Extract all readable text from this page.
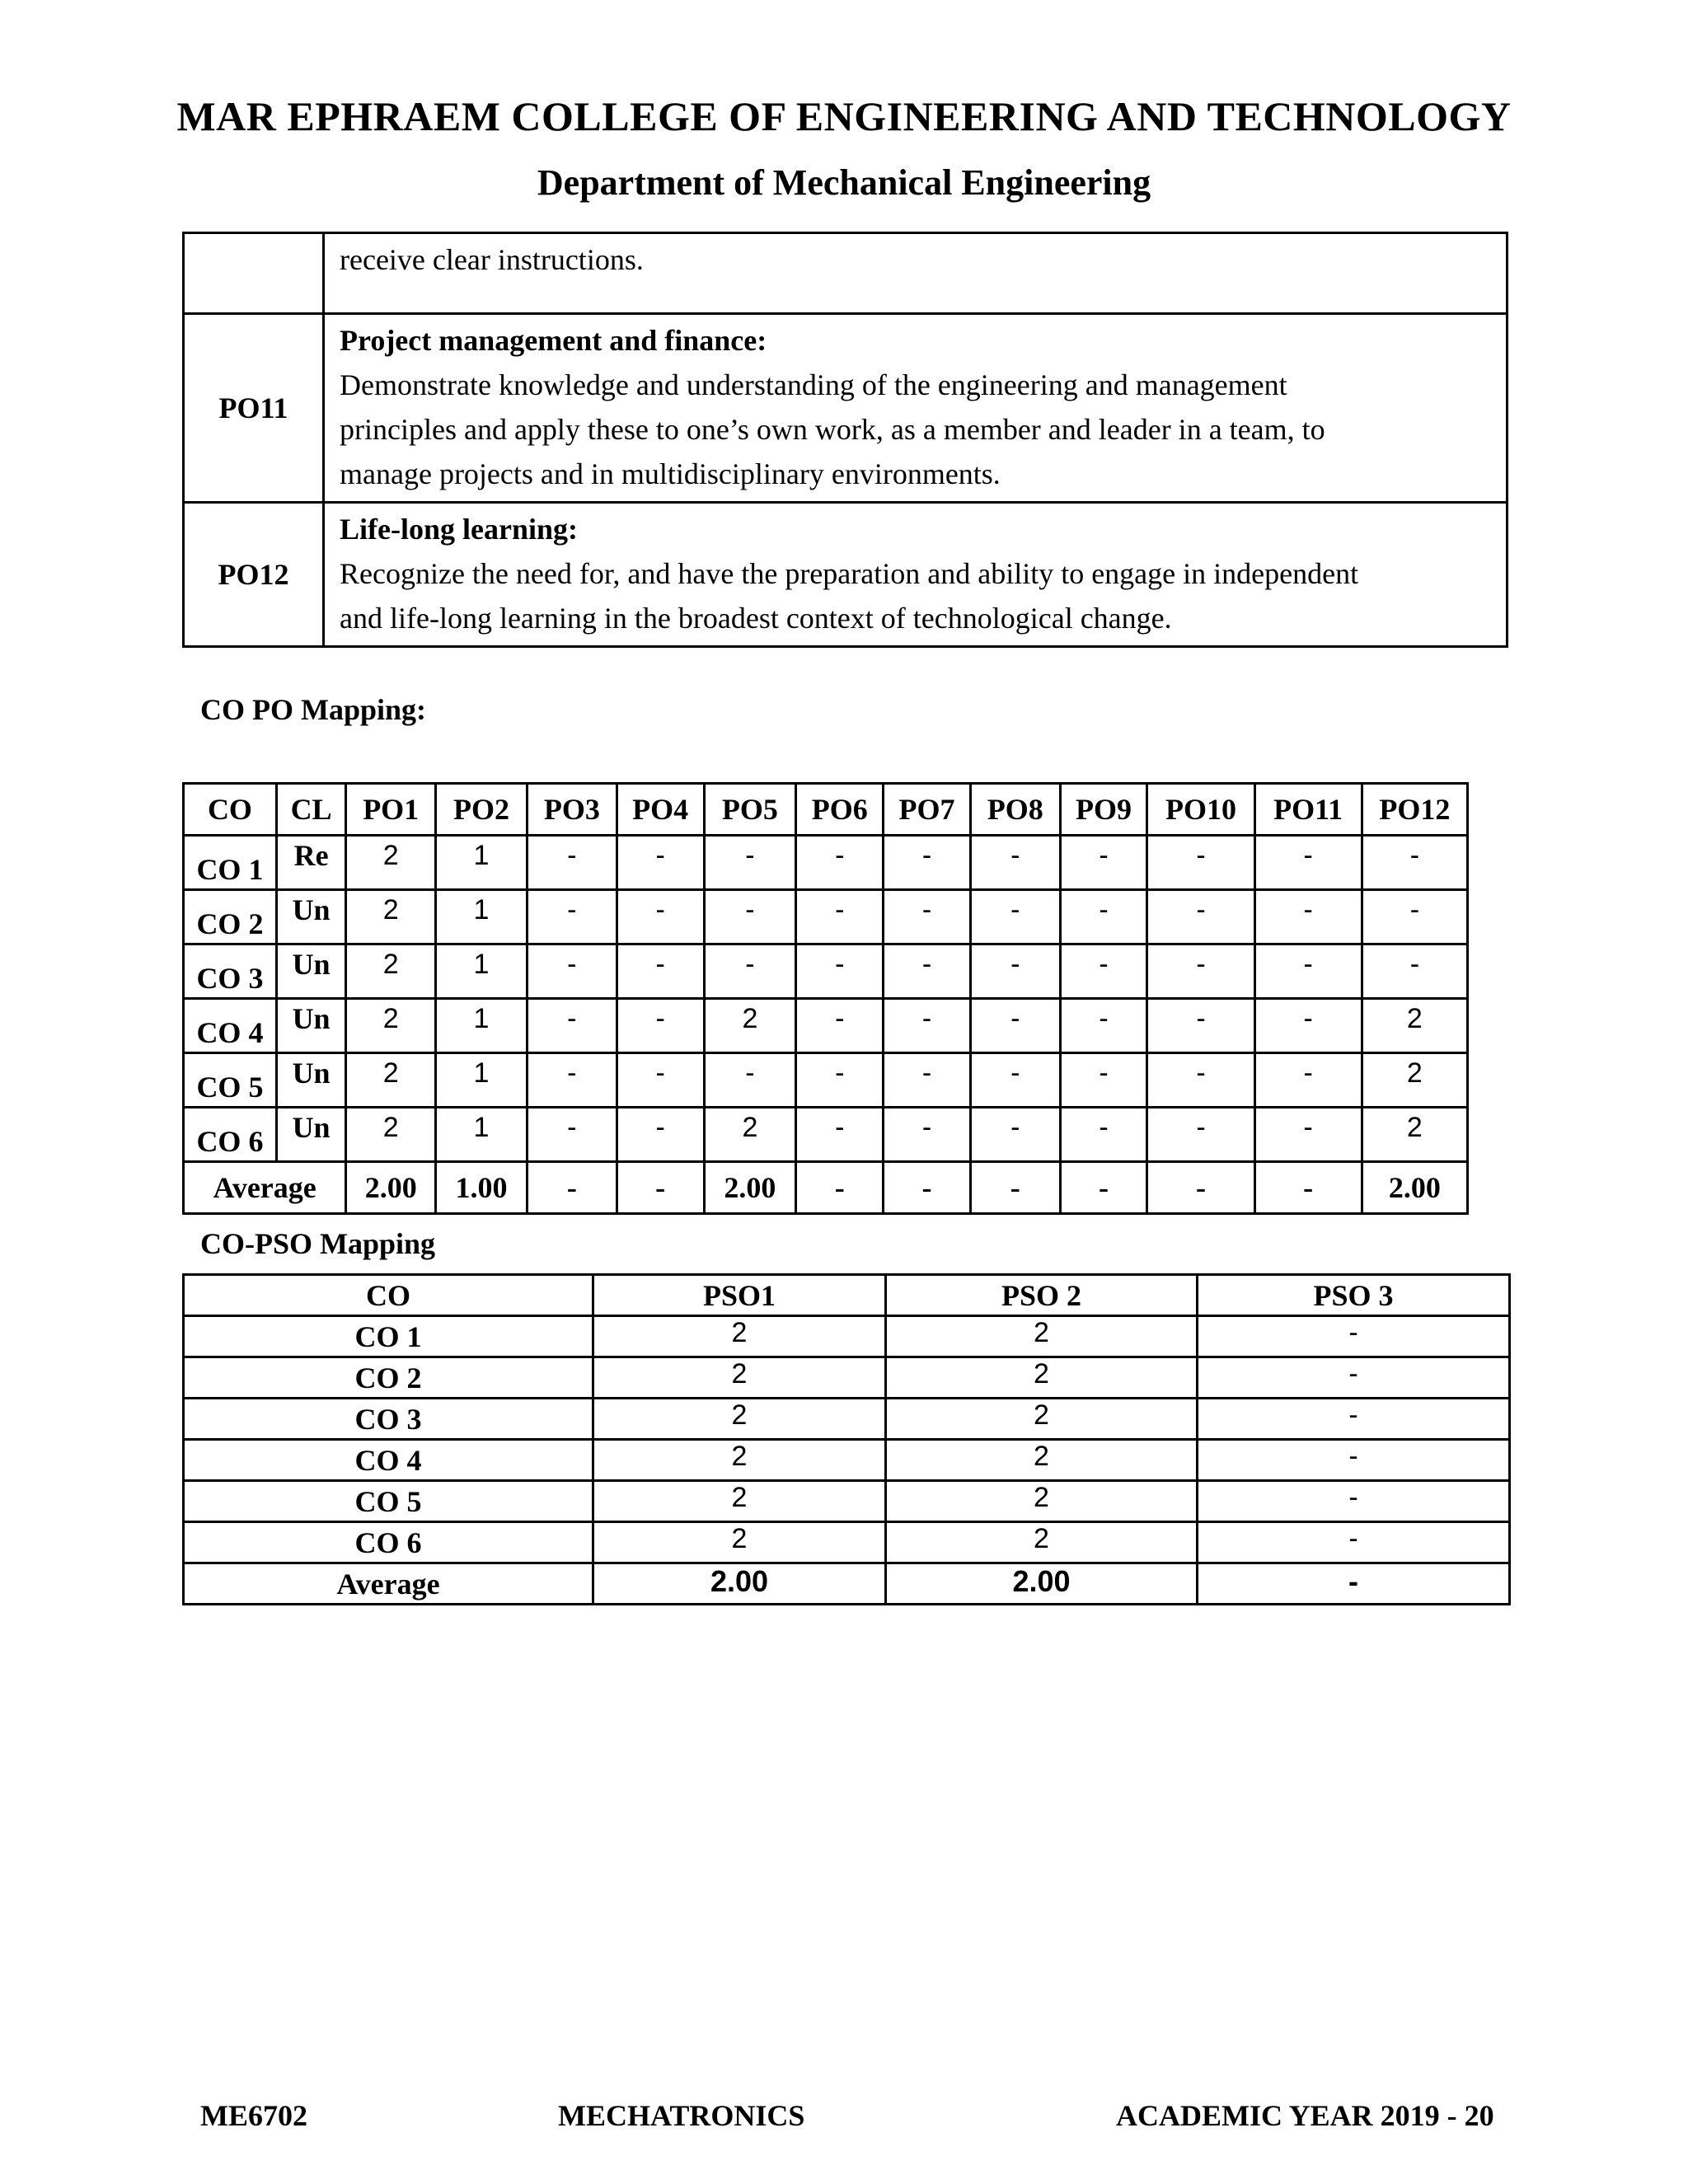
MAR EPHRAEM COLLEGE OF ENGINEERING AND TECHNOLOGY
Department of Mechanical Engineering

	receive clear instructions.

PO11	Project management and finance:
Demonstrate knowledge and understanding of the engineering and management
principles and apply these to one’s own work, as a member and leader in a team, to
manage projects and in multidisciplinary environments.

PO12	Life-long learning:
Recognize the need for, and have the preparation and ability to engage in independent
and life-long learning in the broadest context of technological change.
CO PO Mapping:
CO	CL	PO1	PO2	PO3	PO4	PO5	PO6	PO7	PO8	PO9	PO10	PO11	PO12
CO 1	Re	2	1	-	-	-	-	-	-	-	-	-	-
CO 2	Un	2	1	-	-	-	-	-	-	-	-	-	-
CO 3	Un	2	1	-	-	-	-	-	-	-	-	-	-
CO 4	Un	2	1	-	-	2	-	-	-	-	-	-	2
CO 5	Un	2	1	-	-	-	-	-	-	-	-	-	2
CO 6	Un	2	1	-	-	2	-	-	-	-	-	-	2
Average		2.00	1.00	-	-	2.00	-	-	-	-	-	-	2.00
CO-PSO Mapping
CO	PSO1	PSO 2	PSO 3
CO 1	2	2	-
CO 2	2	2	-
CO 3	2	2	-
CO 4	2	2	-
CO 5	2	2	-
CO 6	2	2	-
Average	2.00	2.00	-
ME6702	MECHATRONICS	ACADEMIC YEAR 2019 - 20
